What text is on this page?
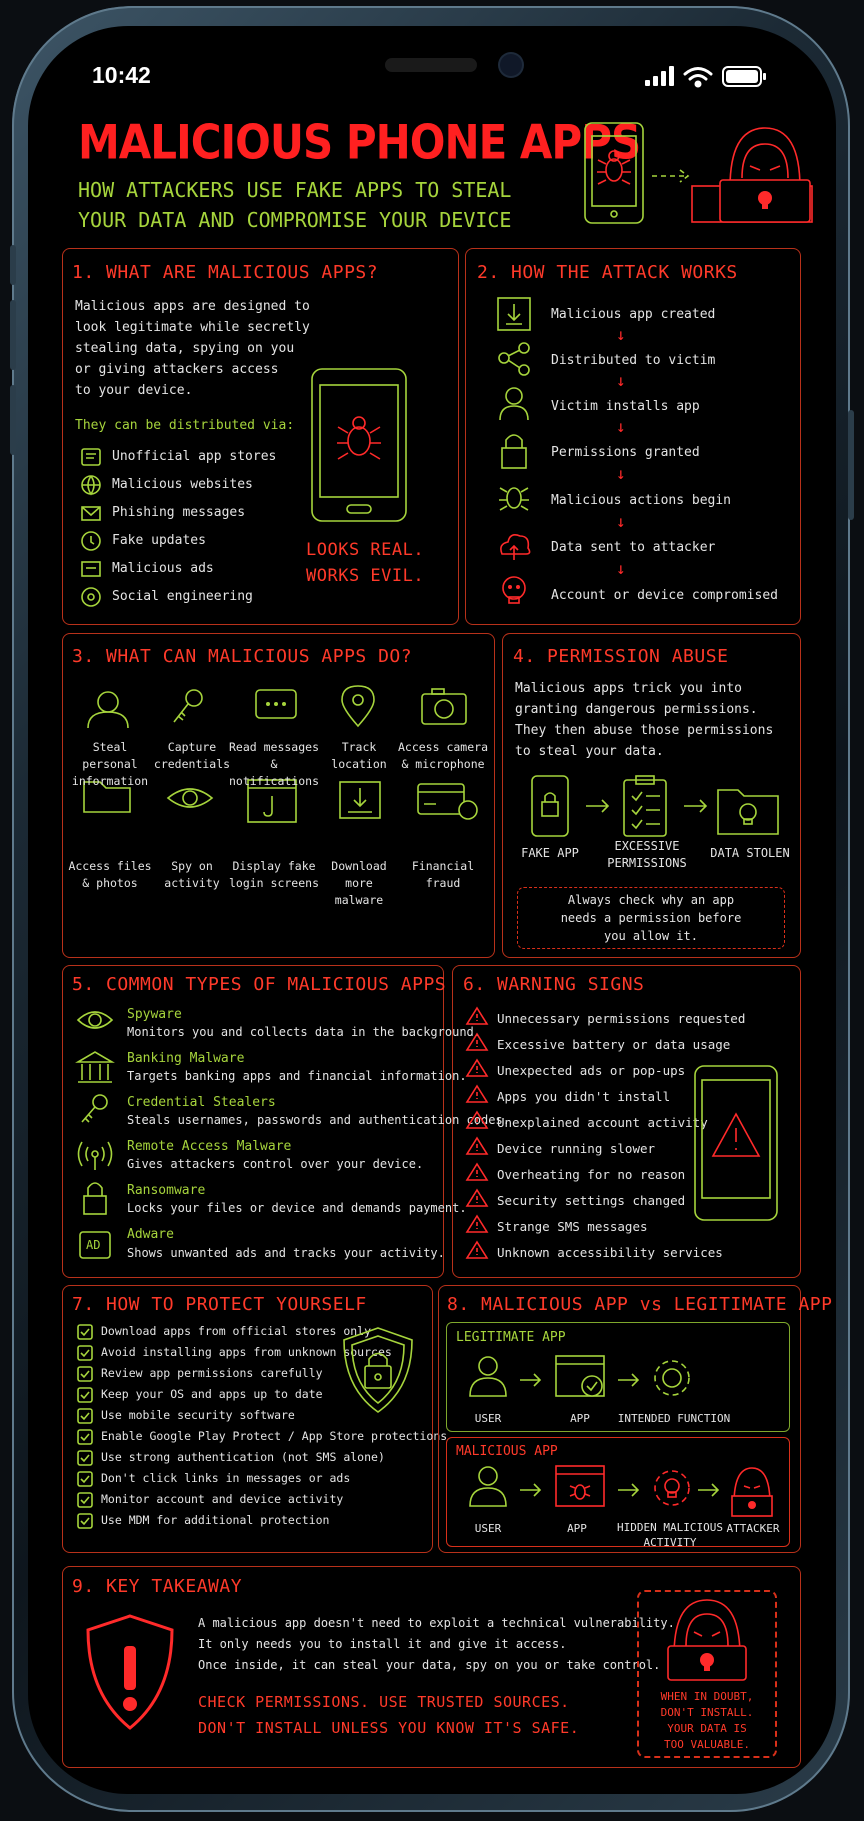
10:42
MALICIOUS PHONE APPS
HOW ATTACKERS USE FAKE APPS TO STEAL
YOUR DATA AND COMPROMISE YOUR DEVICE
1. WHAT ARE MALICIOUS APPS?
Malicious apps are designed to
look legitimate while secretly
stealing data, spying on you
or giving attackers access
to your device.
They can be distributed via:
Unofficial app stores
Malicious websites
Phishing messages
Fake updates
Malicious ads
Social engineering
LOOKS REAL.
WORKS EVIL.
2. HOW THE ATTACK WORKS
Malicious app created
↓
Distributed to victim
↓
Victim installs app
↓
Permissions granted
↓
Malicious actions begin
↓
Data sent to attacker
↓
Account or device compromised
3. WHAT CAN MALICIOUS APPS DO?
Steal personal
information
Capture
credentials
Read messages
& notifications
Track location
Access camera
& microphone
Access files
& photos
Spy on
activity
Display fake
login screens
Download more
malware
Financial
fraud
4. PERMISSION ABUSE
Malicious apps trick you into
granting dangerous permissions.
They then abuse those permissions
to steal your data.
FAKE APP	EXCESSIVE
PERMISSIONS
DATA STOLEN
Always check why an app
needs a permission before
you allow it.
5. COMMON TYPES OF MALICIOUS APPS
AD
Spyware
Monitors you and collects data in the background.
Banking Malware
Targets banking apps and financial information.
Credential Stealers
Steals usernames, passwords and authentication codes.
Remote Access Malware
Gives attackers control over your device.
Ransomware
Locks your files or device and demands payment.
Adware
Shows unwanted ads and tracks your activity.
6. WARNING SIGNS
Unnecessary permissions requested
Excessive battery or data usage
Unexpected ads or pop-ups
Apps you didn't install
Unexplained account activity
Device running slower
Overheating for no reason
Security settings changed
Strange SMS messages
Unknown accessibility services
7. HOW TO PROTECT YOURSELF
Download apps from official stores only
Avoid installing apps from unknown sources
Review app permissions carefully
Keep your OS and apps up to date
Use mobile security software
Enable Google Play Protect / App Store protections
Use strong authentication (not SMS alone)
Don't click links in messages or ads
Monitor account and device activity
Use MDM for additional protection
8. MALICIOUS APP vs LEGITIMATE APP
LEGITIMATE APP
USER	APP	INTENDED FUNCTION
MALICIOUS APP
USER	APP	HIDDEN MALICIOUS
ACTIVITY
ATTACKER
9. KEY TAKEAWAY
A malicious app doesn't need to exploit a technical vulnerability.
It only needs you to install it and give it access.
Once inside, it can steal your data, spy on you or take control.
CHECK PERMISSIONS. USE TRUSTED SOURCES.
DON'T INSTALL UNLESS YOU KNOW IT'S SAFE.
WHEN IN DOUBT,
DON'T INSTALL.
YOUR DATA IS
TOO VALUABLE.
